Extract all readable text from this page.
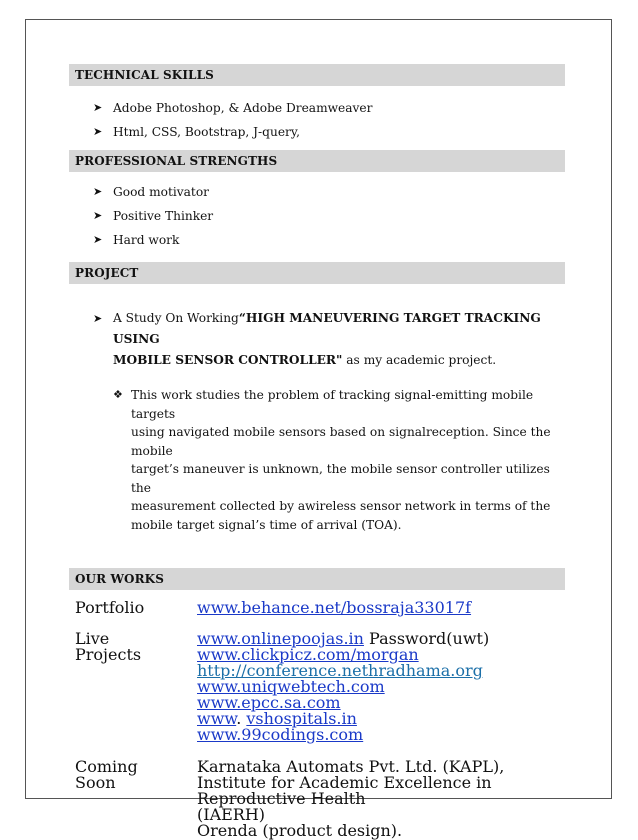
TECHNICAL SKILLS
➤ Adobe Photoshop, & Adobe Dreamweaver
➤ Html, CSS, Bootstrap, J-query,
PROFESSIONAL STRENGTHS
➤ Good motivator
➤ Positive Thinker
➤ Hard work
PROJECT
➤ A Study On Working“HIGH MANEUVERING TARGET TRACKING USING
MOBILE SENSOR CONTROLLER" as my academic project.
❖ This work studies the problem of tracking signal-emitting mobile targets
using navigated mobile sensors based on signalreception. Since the mobile
target’s maneuver is unknown, the mobile sensor controller utilizes the
measurement collected by awireless sensor network in terms of the
mobile target signal’s time of arrival (TOA).
OUR WORKS
Portfolio	www.behance.net/bossraja33017f
Live
Projects
www.onlinepoojas.in Password(uwt)
www.clickpicz.com/morgan
http://conference.nethradhama.org
www.uniqwebtech.com
www.epcc.sa.com
www. vshospitals.in
www.99codings.com
Coming
Soon
Karnataka Automats Pvt. Ltd. (KAPL),
Institute for Academic Excellence in Reproductive Health
(IAERH)
Orenda (product design).
